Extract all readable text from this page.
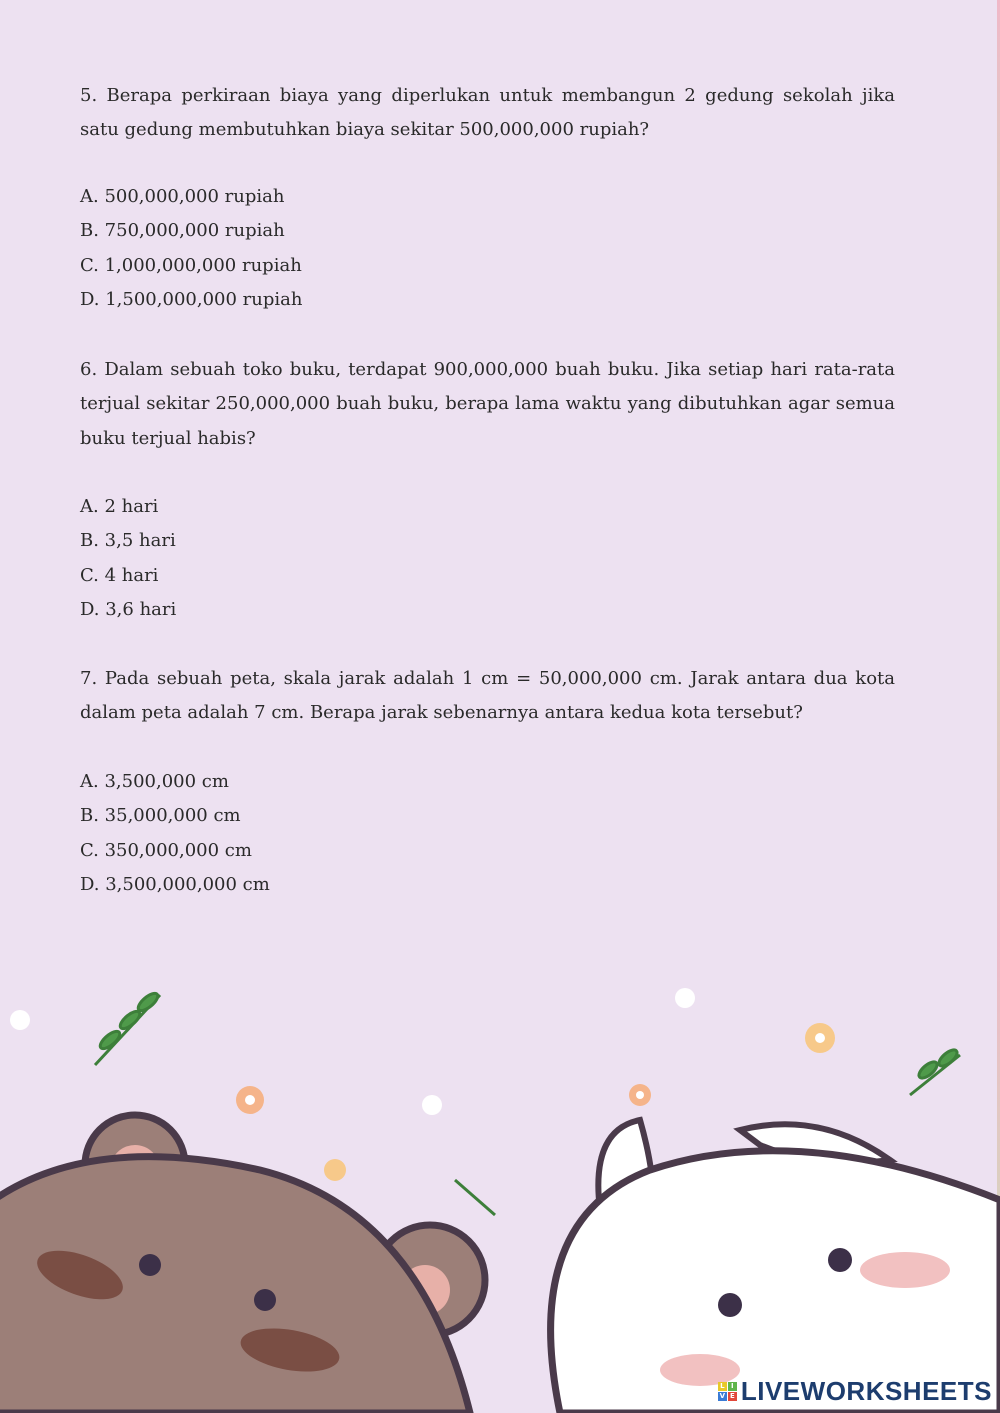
5. Berapa perkiraan biaya yang diperlukan untuk membangun 2 gedung sekolah jika satu gedung membutuhkan biaya sekitar 500,000,000 rupiah?
A. 500,000,000 rupiah
B. 750,000,000 rupiah
C. 1,000,000,000 rupiah
D. 1,500,000,000 rupiah
6. Dalam sebuah toko buku, terdapat 900,000,000 buah buku. Jika setiap hari rata-rata terjual sekitar 250,000,000 buah buku, berapa lama waktu yang dibutuhkan agar semua buku terjual habis?
A. 2 hari
B. 3,5 hari
C. 4 hari
D. 3,6 hari
7. Pada sebuah peta, skala jarak adalah 1 cm = 50,000,000 cm. Jarak antara dua kota dalam peta adalah 7 cm. Berapa jarak sebenarnya antara kedua kota tersebut?
A. 3,500,000 cm
B. 35,000,000 cm
C. 350,000,000 cm
D. 3,500,000,000 cm
L I
V E LIVEWORKSHEETS
